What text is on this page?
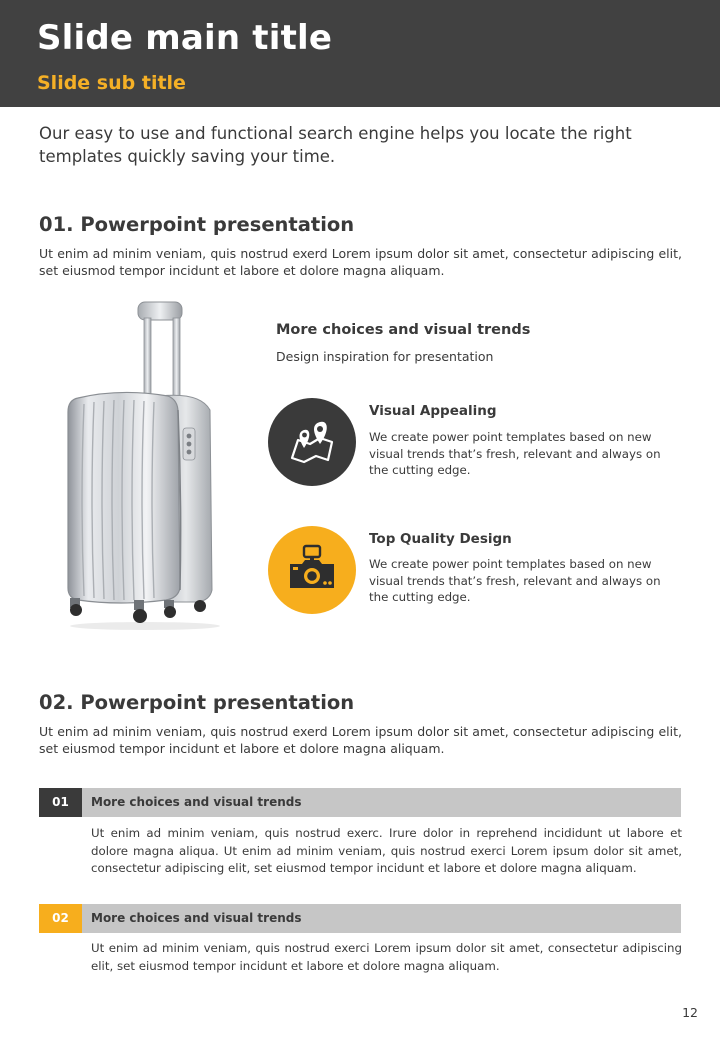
Slide main title
Slide sub title
Our easy to use and functional search engine helps you locate the right templates quickly saving your time.
01. Powerpoint presentation
Ut enim ad minim veniam, quis nostrud exerd Lorem ipsum dolor sit amet, consectetur adipiscing elit, set eiusmod tempor incidunt et labore et dolore magna aliquam.
More choices and visual trends
Design inspiration for presentation
Visual Appealing
We create power point templates based on new visual trends that’s fresh, relevant and always on the cutting edge.
Top Quality Design
We create power point templates based on new visual trends that’s fresh, relevant and always on the cutting edge.
02. Powerpoint presentation
Ut enim ad minim veniam, quis nostrud exerd Lorem ipsum dolor sit amet, consectetur adipiscing elit, set eiusmod tempor incidunt et labore et dolore magna aliquam.
01	More choices and visual trends
Ut enim ad minim veniam, quis nostrud exerc. Irure dolor in reprehend incididunt ut labore et dolore magna aliqua. Ut enim ad minim veniam, quis nostrud exerci Lorem ipsum dolor sit amet, consectetur adipiscing elit, set eiusmod tempor incidunt et labore et dolore magna aliquam.
02	More choices and visual trends
Ut enim ad minim veniam, quis nostrud exerci Lorem ipsum dolor sit amet, consectetur adipiscing elit, set eiusmod tempor incidunt et labore et dolore magna aliquam.
12
